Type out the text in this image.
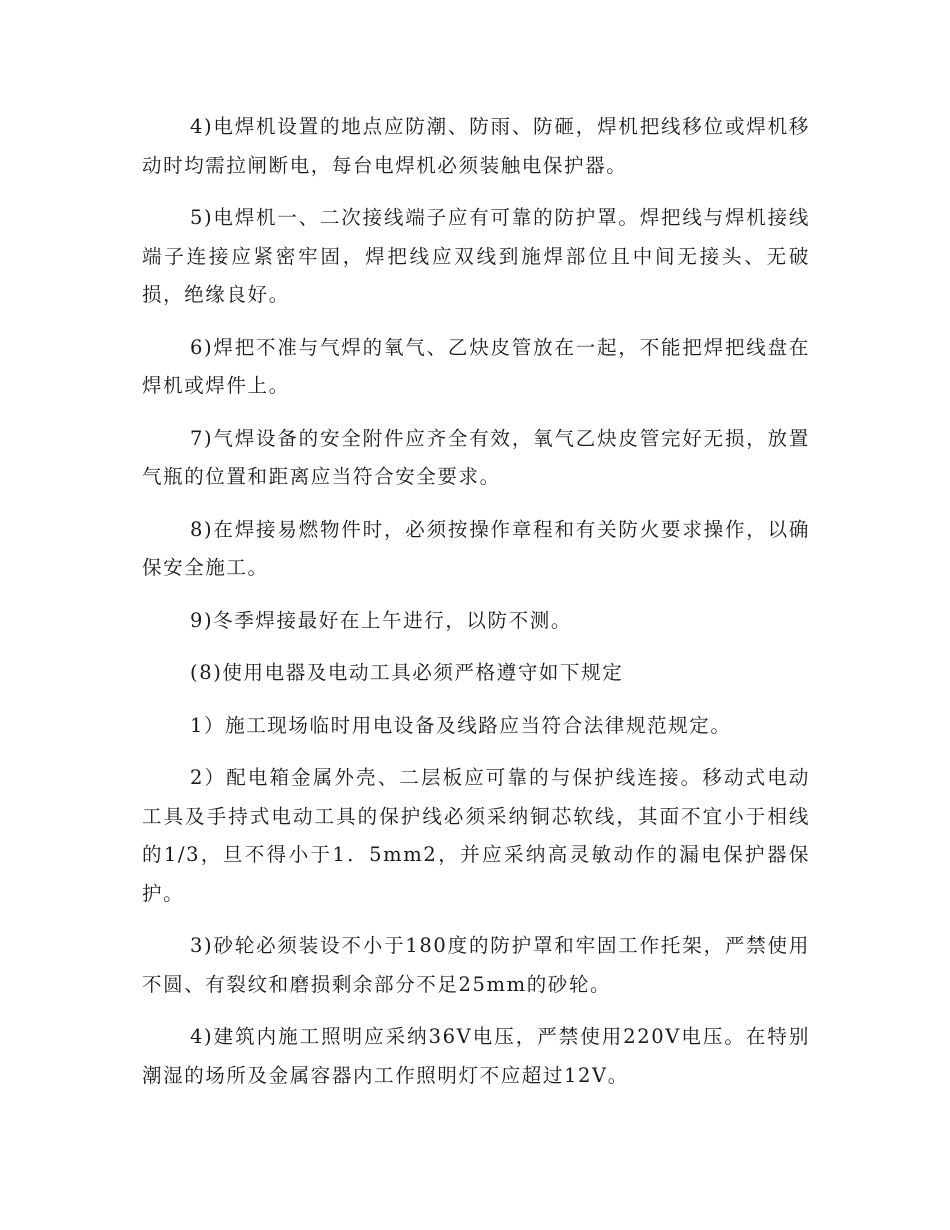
4)电焊机设置的地点应防潮、防雨、防砸，焊机把线移位或焊机移动时均需拉闸断电，每台电焊机必须装触电保护器。

5)电焊机一、二次接线端子应有可靠的防护罩。焊把线与焊机接线端子连接应紧密牢固，焊把线应双线到施焊部位且中间无接头、无破损，绝缘良好。

6)焊把不准与气焊的氧气、乙炔皮管放在一起，不能把焊把线盘在焊机或焊件上。

7)气焊设备的安全附件应齐全有效，氧气乙炔皮管完好无损，放置气瓶的位置和距离应当符合安全要求。

8)在焊接易燃物件时，必须按操作章程和有关防火要求操作，以确保安全施工。

9)冬季焊接最好在上午进行，以防不测。

(8)使用电器及电动工具必须严格遵守如下规定

1）施工现场临时用电设备及线路应当符合法律规范规定。

2）配电箱金属外壳、二层板应可靠的与保护线连接。移动式电动工具及手持式电动工具的保护线必须采纳铜芯软线，其面不宜小于相线的1/3，旦不得小于1．5mm2，并应采纳高灵敏动作的漏电保护器保护。

3)砂轮必须装设不小于180度的防护罩和牢固工作托架，严禁使用不圆、有裂纹和磨损剩余部分不足25mm的砂轮。

4)建筑内施工照明应采纳36V电压，严禁使用220V电压。在特别潮湿的场所及金属容器内工作照明灯不应超过12V。
